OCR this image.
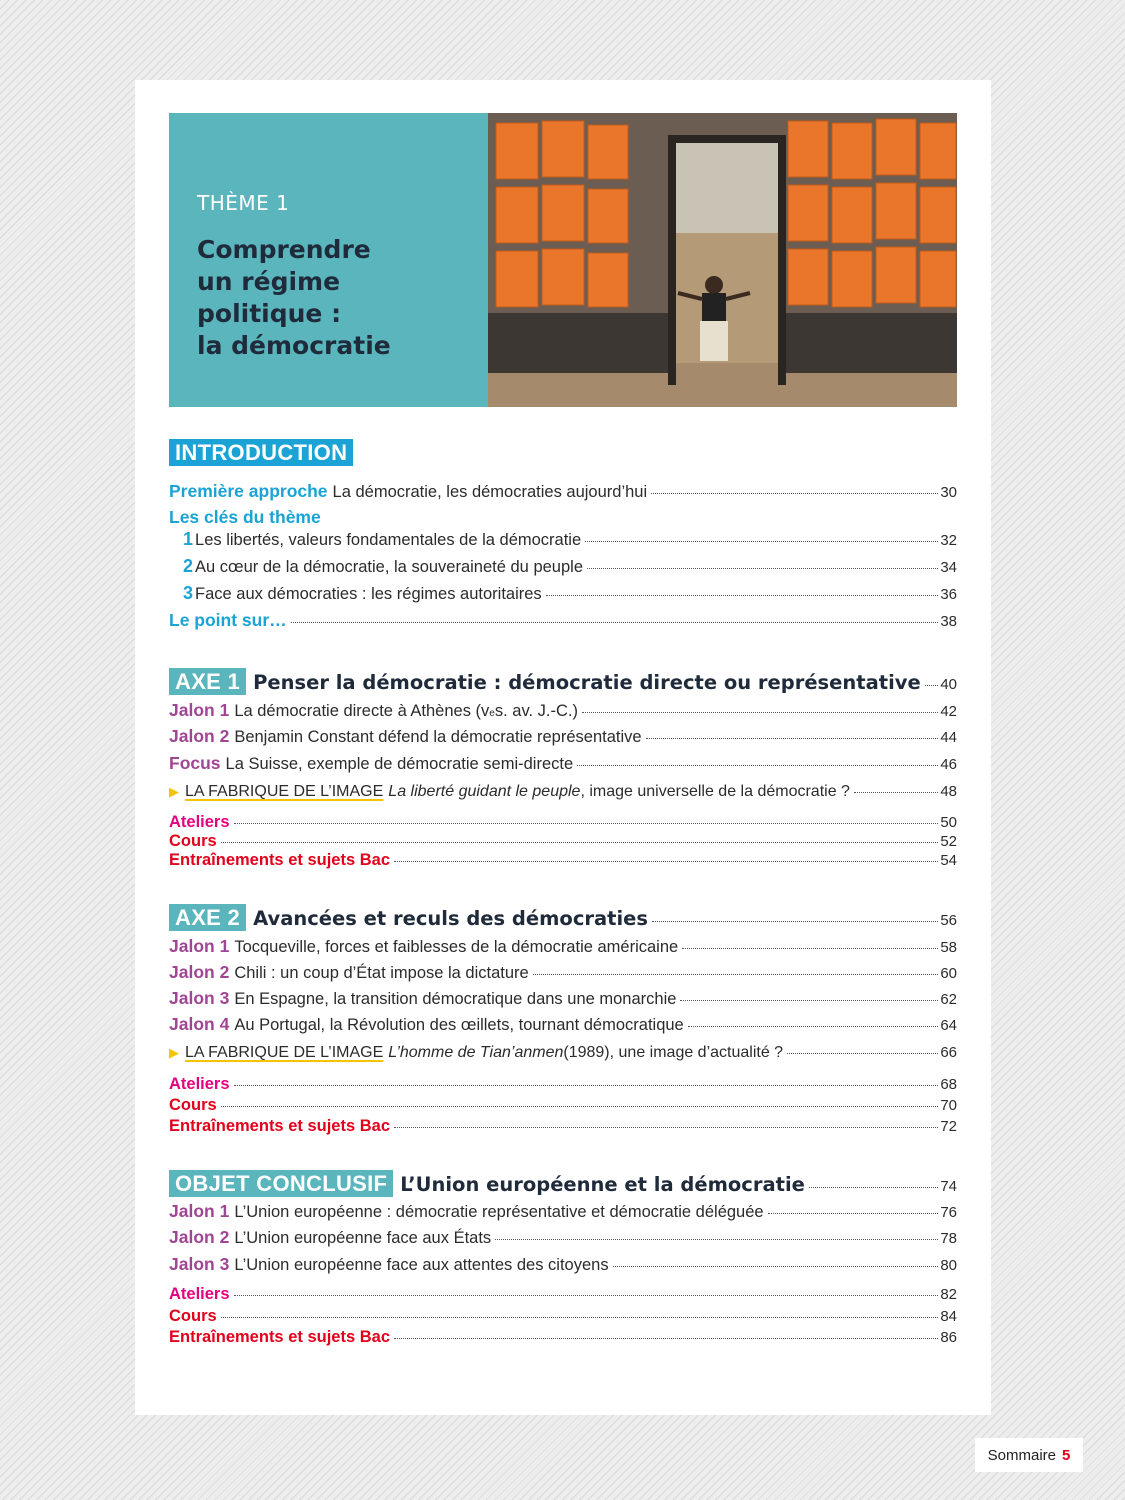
THÈME 1
Comprendre
un régime
politique :
la démocratie
INTRODUCTION
Première approche La démocratie, les démocraties aujourd’hui	30
Les clés du thème
1 Les libertés, valeurs fondamentales de la démocratie	32
2 Au cœur de la démocratie, la souveraineté du peuple	34
3 Face aux démocraties : les régimes autoritaires	36
Le point sur…	38
AXE 1 Penser la démocratie : démocratie directe ou représentative 40
Jalon 1 La démocratie directe à Athènes (v e s. av. J.-C.)	42
Jalon 2 Benjamin Constant défend la démocratie représentative	44
Focus La Suisse, exemple de démocratie semi-directe	46
▶ LA FABRIQUE DE L’IMAGE La liberté guidant le peuple , image universelle de la démocratie ?	48
Ateliers	50
Cours	52
Entraînements et sujets Bac	54
AXE 2 Avancées et reculs des démocraties	56
Jalon 1 Tocqueville, forces et faiblesses de la démocratie américaine	58
Jalon 2 Chili : un coup d’État impose la dictature	60
Jalon 3 En Espagne, la transition démocratique dans une monarchie	62
Jalon 4 Au Portugal, la Révolution des œillets, tournant démocratique	64
▶ LA FABRIQUE DE L’IMAGE L’homme de Tian’anmen (1989), une image d’actualité ?	66
Ateliers	68
Cours	70
Entraînements et sujets Bac	72
OBJET CONCLUSIF L’Union européenne et la démocratie	74
Jalon 1 L’Union européenne : démocratie représentative et démocratie déléguée	76
Jalon 2 L’Union européenne face aux États	78
Jalon 3 L’Union européenne face aux attentes des citoyens	80
Ateliers	82
Cours	84
Entraînements et sujets Bac	86
Sommaire 5
